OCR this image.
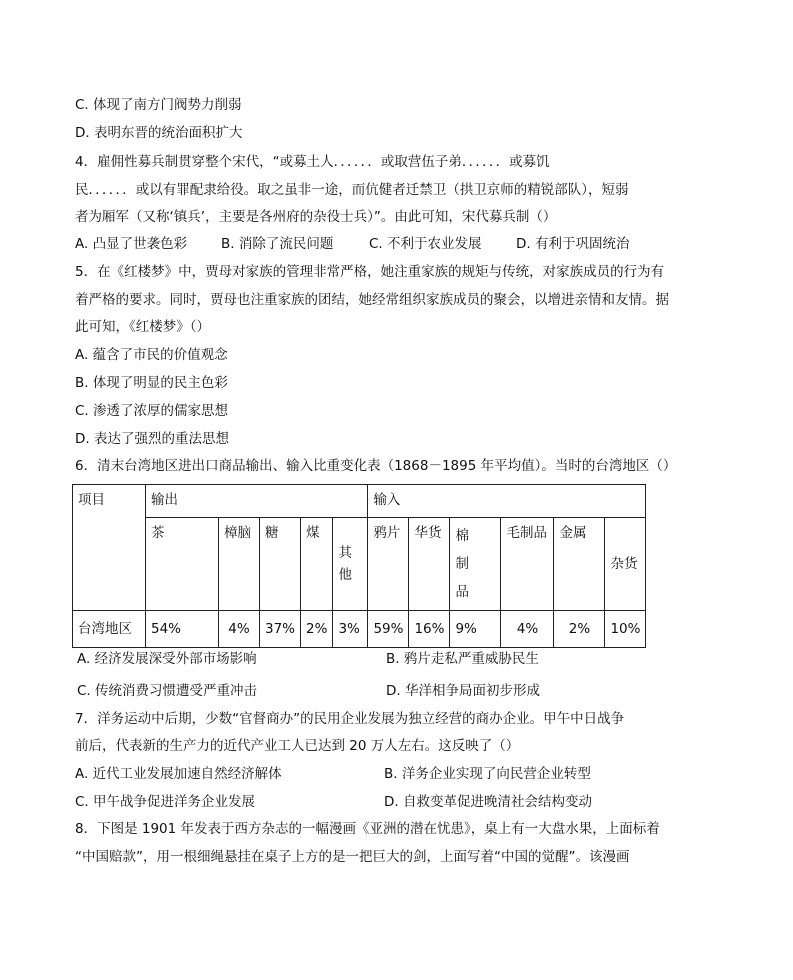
C. 体现了南方门阀势力削弱
D. 表明东晋的统治面积扩大
4．雇佣性募兵制贯穿整个宋代，“或募土人．．．．．．或取营伍子弟．．．．．．或募饥
民．．．．．．或以有罪配隶给役。取之虽非一途，而伉健者迁禁卫（拱卫京师的精锐部队），短弱
者为厢军（又称‘镇兵’，主要是各州府的杂役士兵）”。由此可知，宋代募兵制（）
A. 凸显了世袭色彩	B. 消除了流民问题	C. 不利于农业发展	D. 有利于巩固统治
5．在《红楼梦》中，贾母对家族的管理非常严格，她注重家族的规矩与传统，对家族成员的行为有
着严格的要求。同时，贾母也注重家族的团结，她经常组织家族成员的聚会，以增进亲情和友情。据
此可知，《红楼梦》（）
A. 蕴含了市民的价值观念
B. 体现了明显的民主色彩
C. 渗透了浓厚的儒家思想
D. 表达了强烈的重法思想
6．清末台湾地区进出口商品输出、输入比重变化表（1868－1895 年平均值）。当时的台湾地区（）
项目	输出					输入					
	茶	樟脑	糖	煤	其他	鸦片	华货	棉制品	毛制品	金属	杂货
台湾地区	54%	4%	37%	2%	3%	59%	16%	9%	4%	2%	10%
A. 经济发展深受外部市场影响	B. 鸦片走私严重威胁民生
C. 传统消费习惯遭受严重冲击	D. 华洋相争局面初步形成
7．洋务运动中后期，少数“官督商办”的民用企业发展为独立经营的商办企业。甲午中日战争
前后，代表新的生产力的近代产业工人已达到 20 万人左右。这反映了（）
A. 近代工业发展加速自然经济解体	B. 洋务企业实现了向民营企业转型
C. 甲午战争促进洋务企业发展	D. 自救变革促进晚清社会结构变动
8．下图是 1901 年发表于西方杂志的一幅漫画《亚洲的潜在忧患》，桌上有一大盘水果，上面标着
“中国赔款”，用一根细绳悬挂在桌子上方的是一把巨大的剑，上面写着“中国的觉醒”。该漫画
